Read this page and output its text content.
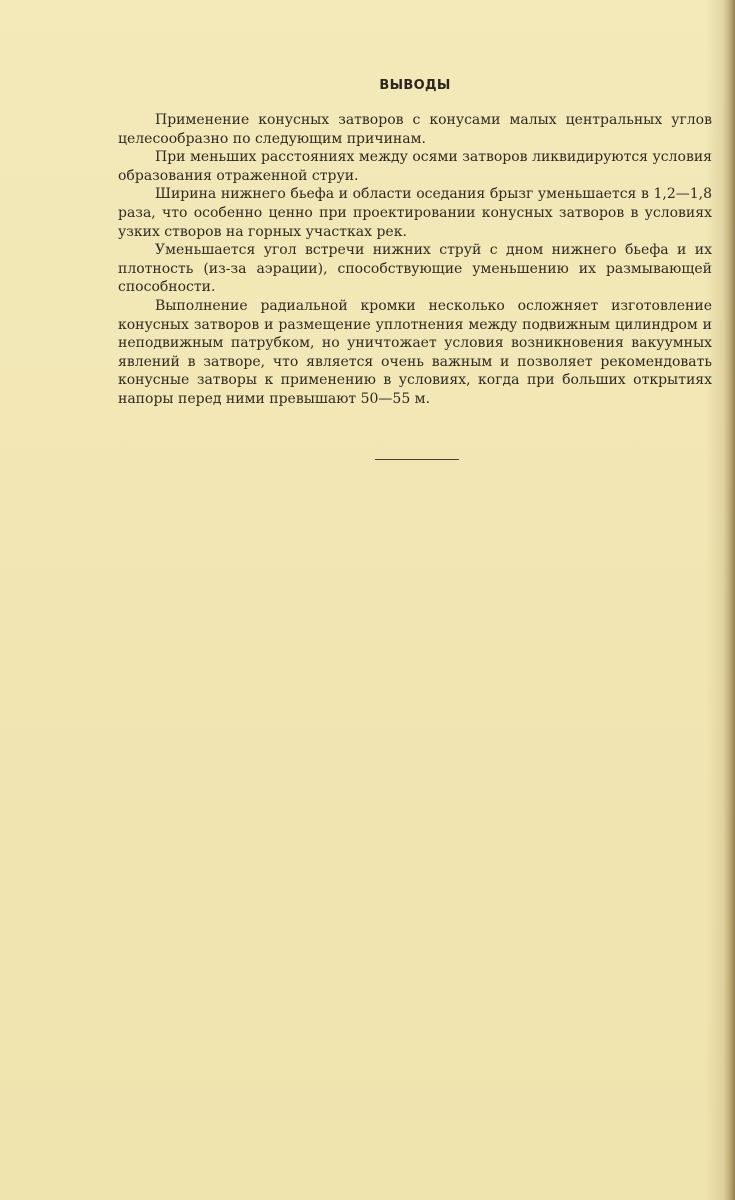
ВЫВОДЫ

Применение конусных затворов с конусами малых центральных углов целесообразно по следующим причинам.

При меньших расстояниях между осями затворов ликвидируются условия образования отраженной струи.

Ширина нижнего бьефа и области оседания брызг уменьшается в 1,2—1,8 раза, что особенно ценно при проектировании конусных затворов в условиях узких створов на горных участках рек.

Уменьшается угол встречи нижних струй с дном нижнего бьефа и их плотность (из-за аэрации), способствующие уменьшению их размывающей способности.

Выполнение радиальной кромки несколько осложняет изготовление конусных затворов и размещение уплотнения между подвижным цилиндром и неподвижным патрубком, но уничтожает условия возникновения вакуумных явлений в затворе, что является очень важным и позволяет рекомендовать конусные затворы к применению в условиях, когда при больших открытиях напоры перед ними превышают 50—55 м.
